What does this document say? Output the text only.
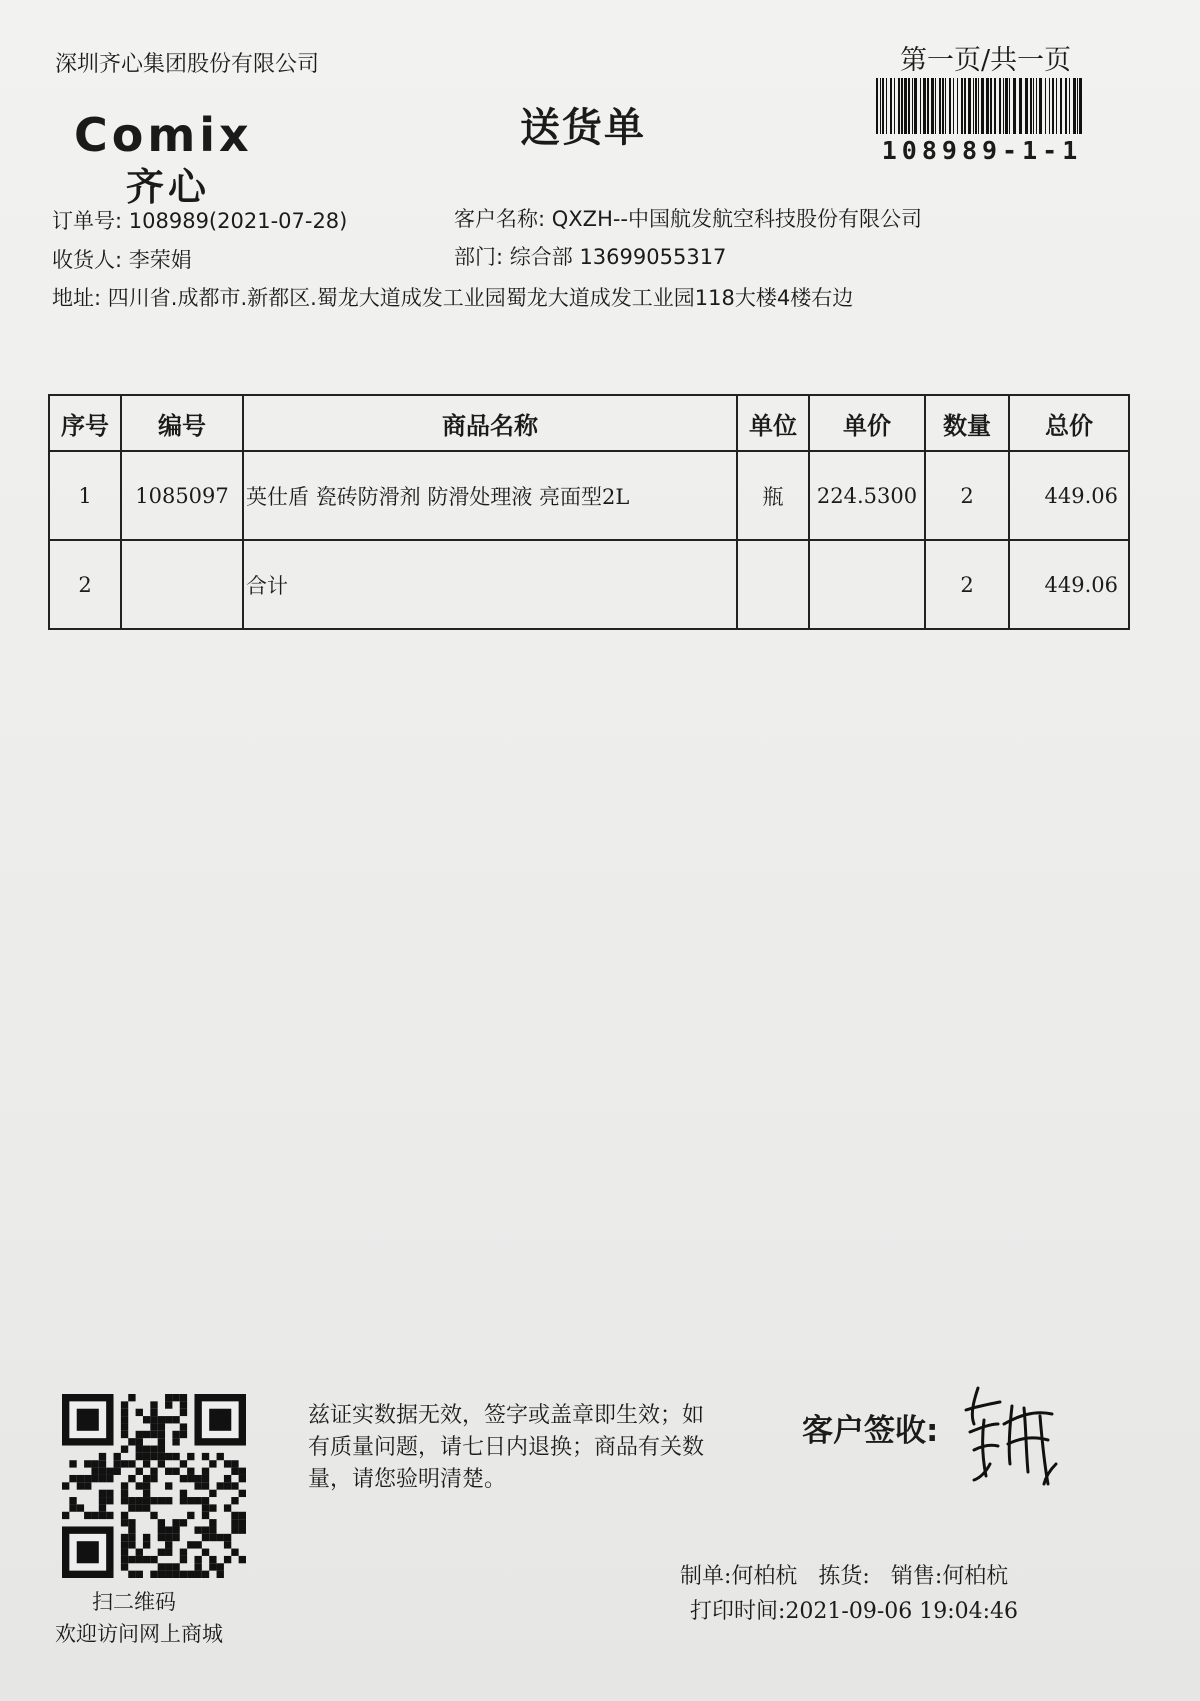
深圳齐心集团股份有限公司
Comix
齐心
送货单
第一页/共一页
108989-1-1
订单号: 108989(2021-07-28)	客户名称: QXZH--中国航发航空科技股份有限公司
收货人: 李荣娟	部门: 综合部 13699055317
地址: 四川省.成都市.新都区.蜀龙大道成发工业园蜀龙大道成发工业园118大楼4楼右边
序号	编号	商品名称	单位	单价	数量	总价
1	1085097	英仕盾 瓷砖防滑剂 防滑处理液 亮面型2L	瓶	224.5300	2	449.06
2		合计			2	449.06
扫二维码
欢迎访问网上商城
兹证实数据无效，签字或盖章即生效；如有质量问题，请七日内退换；商品有关数量，请您验明清楚。
客户签收:
制单:何柏杭 拣货: 销售:何柏杭
打印时间:2021-09-06 19:04:46
